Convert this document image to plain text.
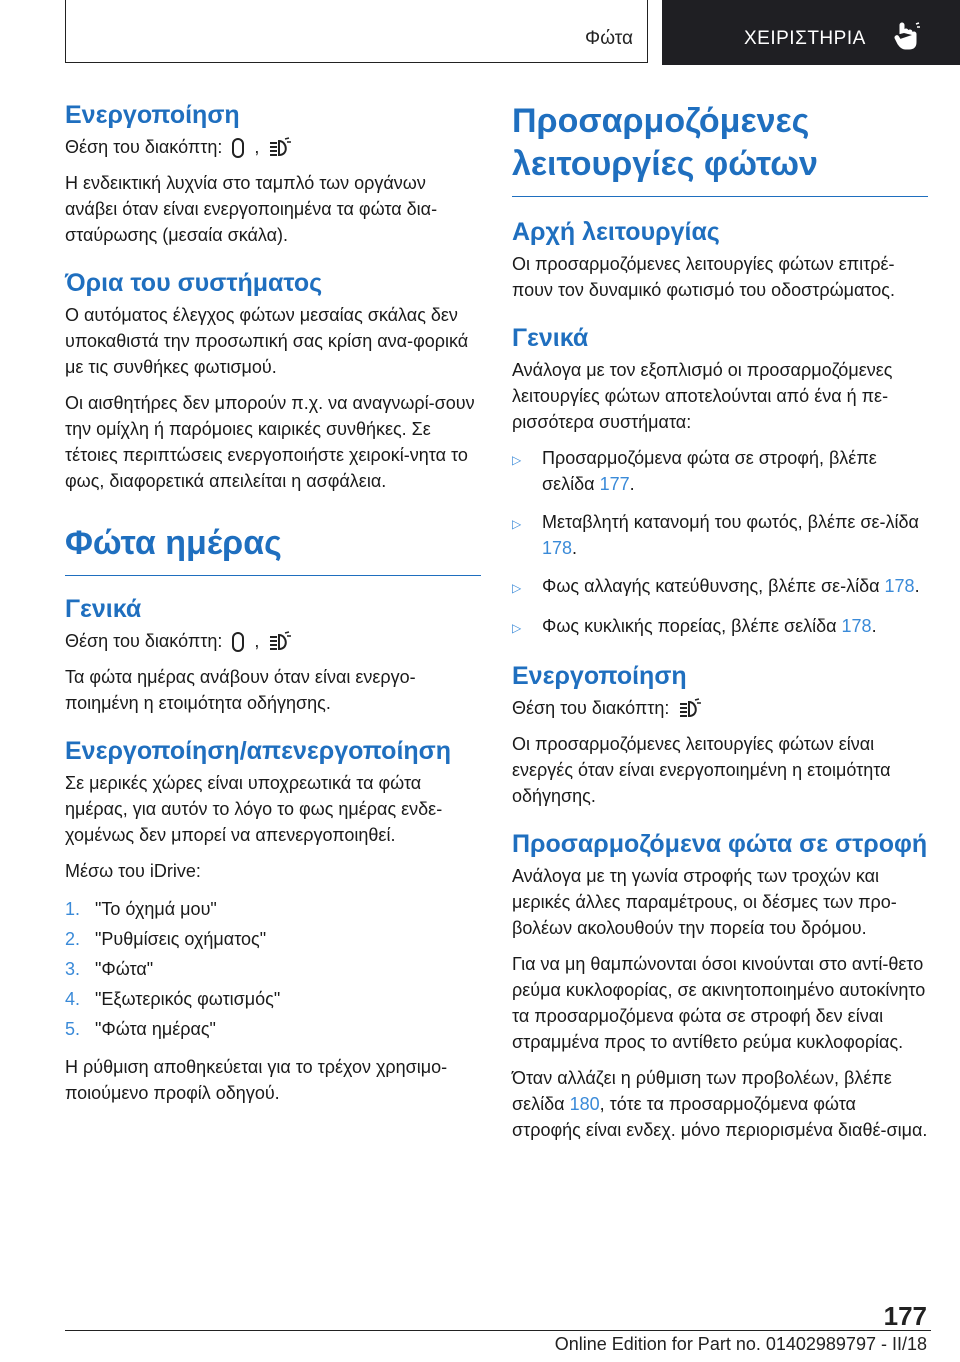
Φώτα	ΧΕΙΡΙΣΤΗΡΙΑ
Ενεργοποίηση

Θέση του διακόπτη: ,

Η ενδεικτική λυχνία στο ταμπλό των οργάνων ανάβει όταν είναι ενεργοποιημένα τα φώτα δια-σταύρωσης (μεσαία σκάλα).

Όρια του συστήματος

Ο αυτόματος έλεγχος φώτων μεσαίας σκάλας δεν υποκαθιστά την προσωπική σας κρίση ανα-φορικά με τις συνθήκες φωτισμού.

Οι αισθητήρες δεν μπορούν π.χ. να αναγνωρί-σουν την ομίχλη ή παρόμοιες καιρικές συνθήκες. Σε τέτοιες περιπτώσεις ενεργοποιήστε χειροκί-νητα το φως, διαφορετικά απειλείται η ασφάλεια.

Φώτα ημέρας
Γενικά

Θέση του διακόπτη: ,

Τα φώτα ημέρας ανάβουν όταν είναι ενεργο-ποιημένη η ετοιμότητα οδήγησης.

Ενεργοποίηση/απενεργοποίηση

Σε μερικές χώρες είναι υποχρεωτικά τα φώτα ημέρας, για αυτόν το λόγο το φως ημέρας ενδε-χομένως δεν μπορεί να απενεργοποιηθεί.

Μέσω του iDrive:

1. "Το όχημά μου"
2. "Ρυθμίσεις οχήματος"
3. "Φώτα"
4. "Εξωτερικός φωτισμός"
5. "Φώτα ημέρας"

Η ρύθμιση αποθηκεύεται για το τρέχον χρησιμο-ποιούμενο προφίλ οδηγού.

Προσαρμοζόμενες λειτουργίες φώτων
Αρχή λειτουργίας

Οι προσαρμοζόμενες λειτουργίες φώτων επιτρέ-πουν τον δυναμικό φωτισμό του οδοστρώματος.

Γενικά

Ανάλογα με τον εξοπλισμό οι προσαρμοζόμενες λειτουργίες φώτων αποτελούνται από ένα ή πε-ρισσότερα συστήματα:

▷	Προσαρμοζόμενα φώτα σε στροφή, βλέπε σελίδα 177.
▷	Μεταβλητή κατανομή του φωτός, βλέπε σε-λίδα 178.
▷	Φως αλλαγής κατεύθυνσης, βλέπε σε-λίδα 178.
▷	Φως κυκλικής πορείας, βλέπε σελίδα 178.
Ενεργοποίηση

Θέση του διακόπτη:

Οι προσαρμοζόμενες λειτουργίες φώτων είναι ενεργές όταν είναι ενεργοποιημένη η ετοιμότητα οδήγησης.

Προσαρμοζόμενα φώτα σε στροφή

Ανάλογα με τη γωνία στροφής των τροχών και μερικές άλλες παραμέτρους, οι δέσμες των προ-βολέων ακολουθούν την πορεία του δρόμου.

Για να μη θαμπώνονται όσοι κινούνται στο αντί-θετο ρεύμα κυκλοφορίας, σε ακινητοποιημένο αυτοκίνητο τα προσαρμοζόμενα φώτα σε στροφή δεν είναι στραμμένα προς το αντίθετο ρεύμα κυκλοφορίας.

Όταν αλλάζει η ρύθμιση των προβολέων, βλέπε σελίδα 180, τότε τα προσαρμοζόμενα φώτα στροφής είναι ενδεχ. μόνο περιορισμένα διαθέ-σιμα.

177
Online Edition for Part no. 01402989797 - II/18
